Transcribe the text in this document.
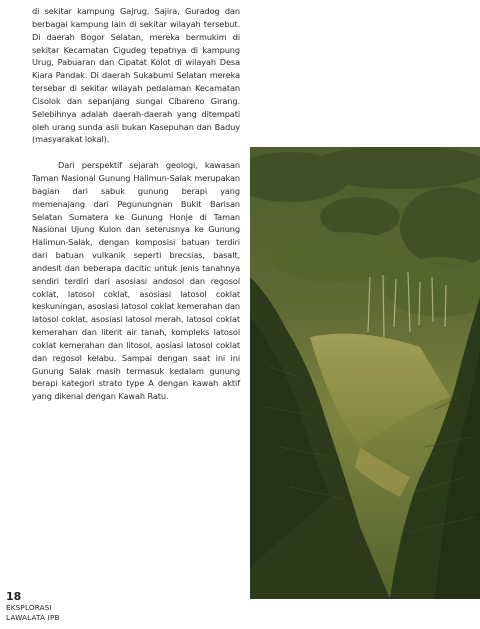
di sekitar kampung Gajrug, Sajira, Guradog dan berbagai kampung lain di sekitar wilayah tersebut. Di daerah Bogor Selatan, mereka bermukim di sekitar Kecamatan Cigudeg tepatnya di kampung Urug, Pabuaran dan Cipatat Kolot di wilayah Desa Kiara Pandak. Di daerah Sukabumi Selatan mereka tersebar di sekitar wilayah pedalaman Kecamatan Cisolok dan sepanjang sungai Cibareno Girang. Selebihnya adalah daerah-daerah yang ditempati oleh urang sunda asli bukan Kasepuhan dan Baduy (masyarakat lokal).

Dari perspektif sejarah geologi, kawasan Taman Nasional Gunung Halimun-Salak merupakan bagian dari sabuk gunung berapi yang memenajang dari Pegunungnan Bukit Barisan Selatan Sumatera ke Gunung Honje di Taman Nasional Ujung Kulon dan seterusnya ke Gunung Halimun-Salak, dengan komposisi batuan terdiri dari batuan vulkanik seperti brecsias, basalt, andesit dan beberapa dacitic untuk jenis tanahnya sendiri terdiri dari asosiasi andosol dan regosol coklat, latosol coklat, asosiasi latosol coklat keskuningan, asosiasi latosol coklat kemerahan dan latosol coklat, asosiasi latosol merah, latosol coklat kemerahan dan literit air tanah, kompleks latosol coklat kemerahan dan litosol, aosiasi latosol coklat dan regosol kelabu. Sampai dengan saat ini ini Gunung Salak masih termasuk kedalam gunung berapi kategori strato type A dengan kawah aktif yang dikenal dengan Kawah Ratu.

18
EKSPLORASI
LAWALATA IPB
